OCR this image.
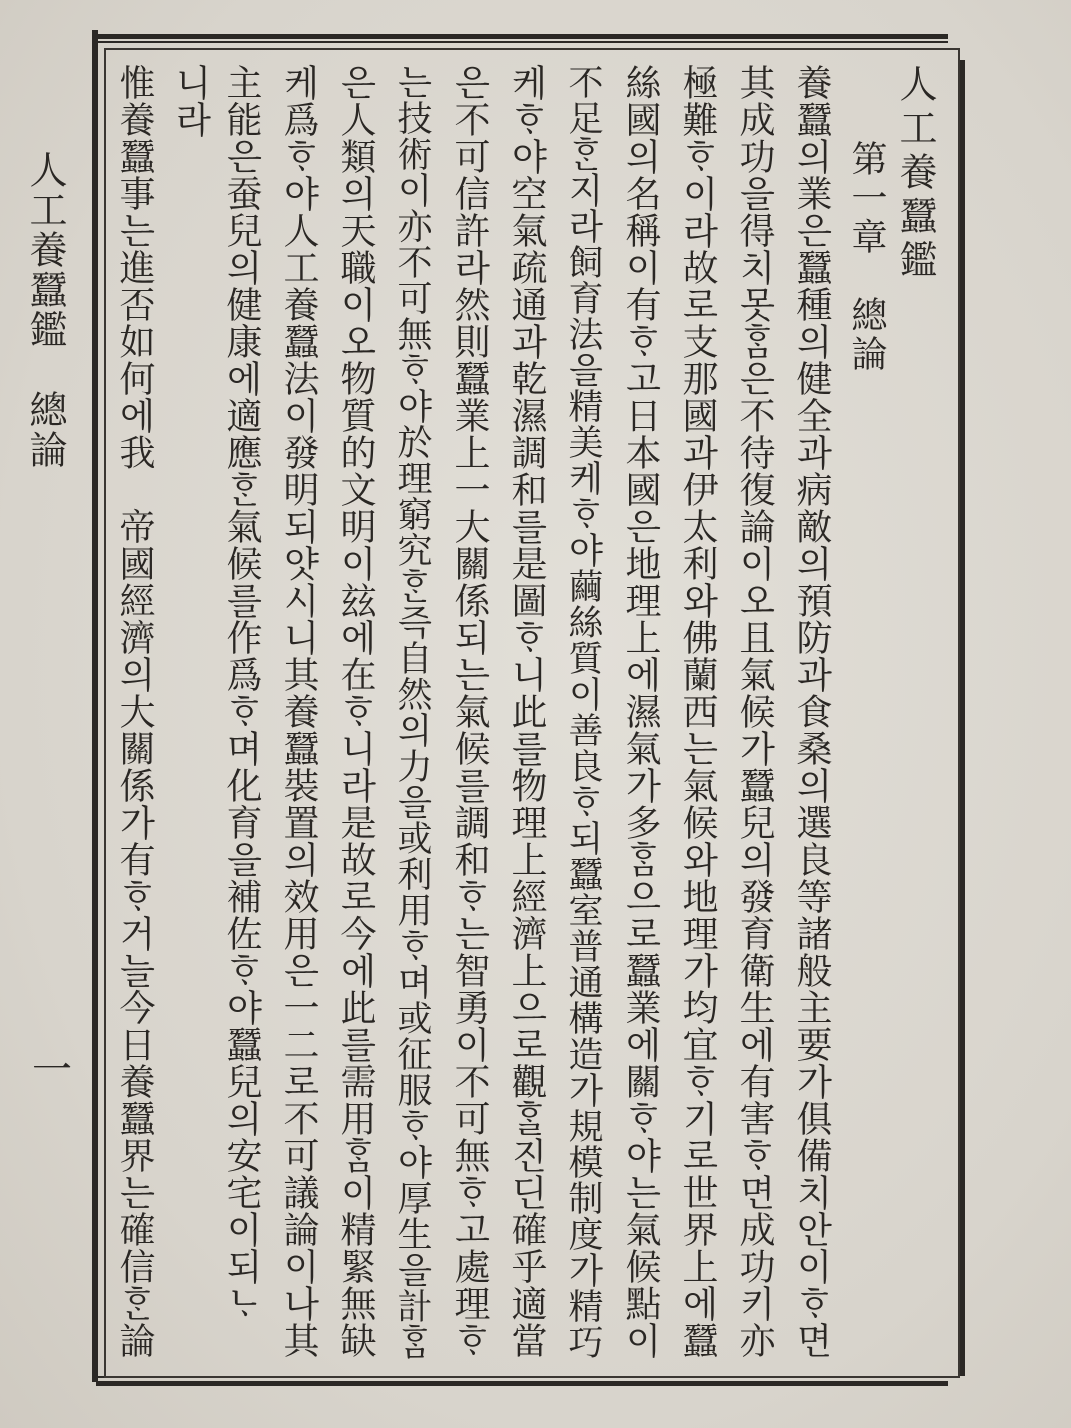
人工養蠶鑑
第一章　總論
養蠶의業은蠶種의健全과病敵의預防과食桑의選良等諸般主要가俱備치안이ᄒᆞ면
其成功을得치못ᄒᆞᆷ은不待復論이오且氣候가蠶兒의發育衛生에有害ᄒᆞ면成功키亦
極難ᄒᆞ이라故로支那國과伊太利와佛蘭西는氣候와地理가均宜ᄒᆞ기로世界上에蠶
絲國의名稱이有ᄒᆞ고日本國은地理上에濕氣가多ᄒᆞᆷ으로蠶業에關ᄒᆞ야는氣候點이
不足ᄒᆞᆫ지라飼育法을精美케ᄒᆞ야繭絲質이善良ᄒᆞ되蠶室普通構造가規模制度가精巧
케ᄒᆞ야空氣疏通과乾濕調和를是圖ᄒᆞ니此를物理上經濟上으로觀ᄒᆞᆯ진딘確乎適當
은不可信許라然則蠶業上一大關係되는氣候를調和ᄒᆞ는智勇이不可無ᄒᆞ고處理ᄒᆞ
는技術이亦不可無ᄒᆞ야於理窮究ᄒᆞᆫ즉自然의力을或利用ᄒᆞ며或征服ᄒᆞ야厚生을計ᄒᆞᆷ
은人類의天職이오物質的文明이玆에在ᄒᆞ니라是故로今에此를需用ᄒᆞᆷ이精緊無缺
케爲ᄒᆞ야人工養蠶法이發明되얏시니其養蠶裝置의效用은一二로不可議論이나其
主能은蚕兒의健康에適應ᄒᆞᆫ氣候를作爲ᄒᆞ며化育을補佐ᄒᆞ야蠶兒의安宅이되ᄂᆞ
니라
惟養蠶事는進否如何에我　帝國經濟의大關係가有ᄒᆞ거늘今日養蠶界는確信ᄒᆞᆫ論
人工養蠶鑑　總論
一
